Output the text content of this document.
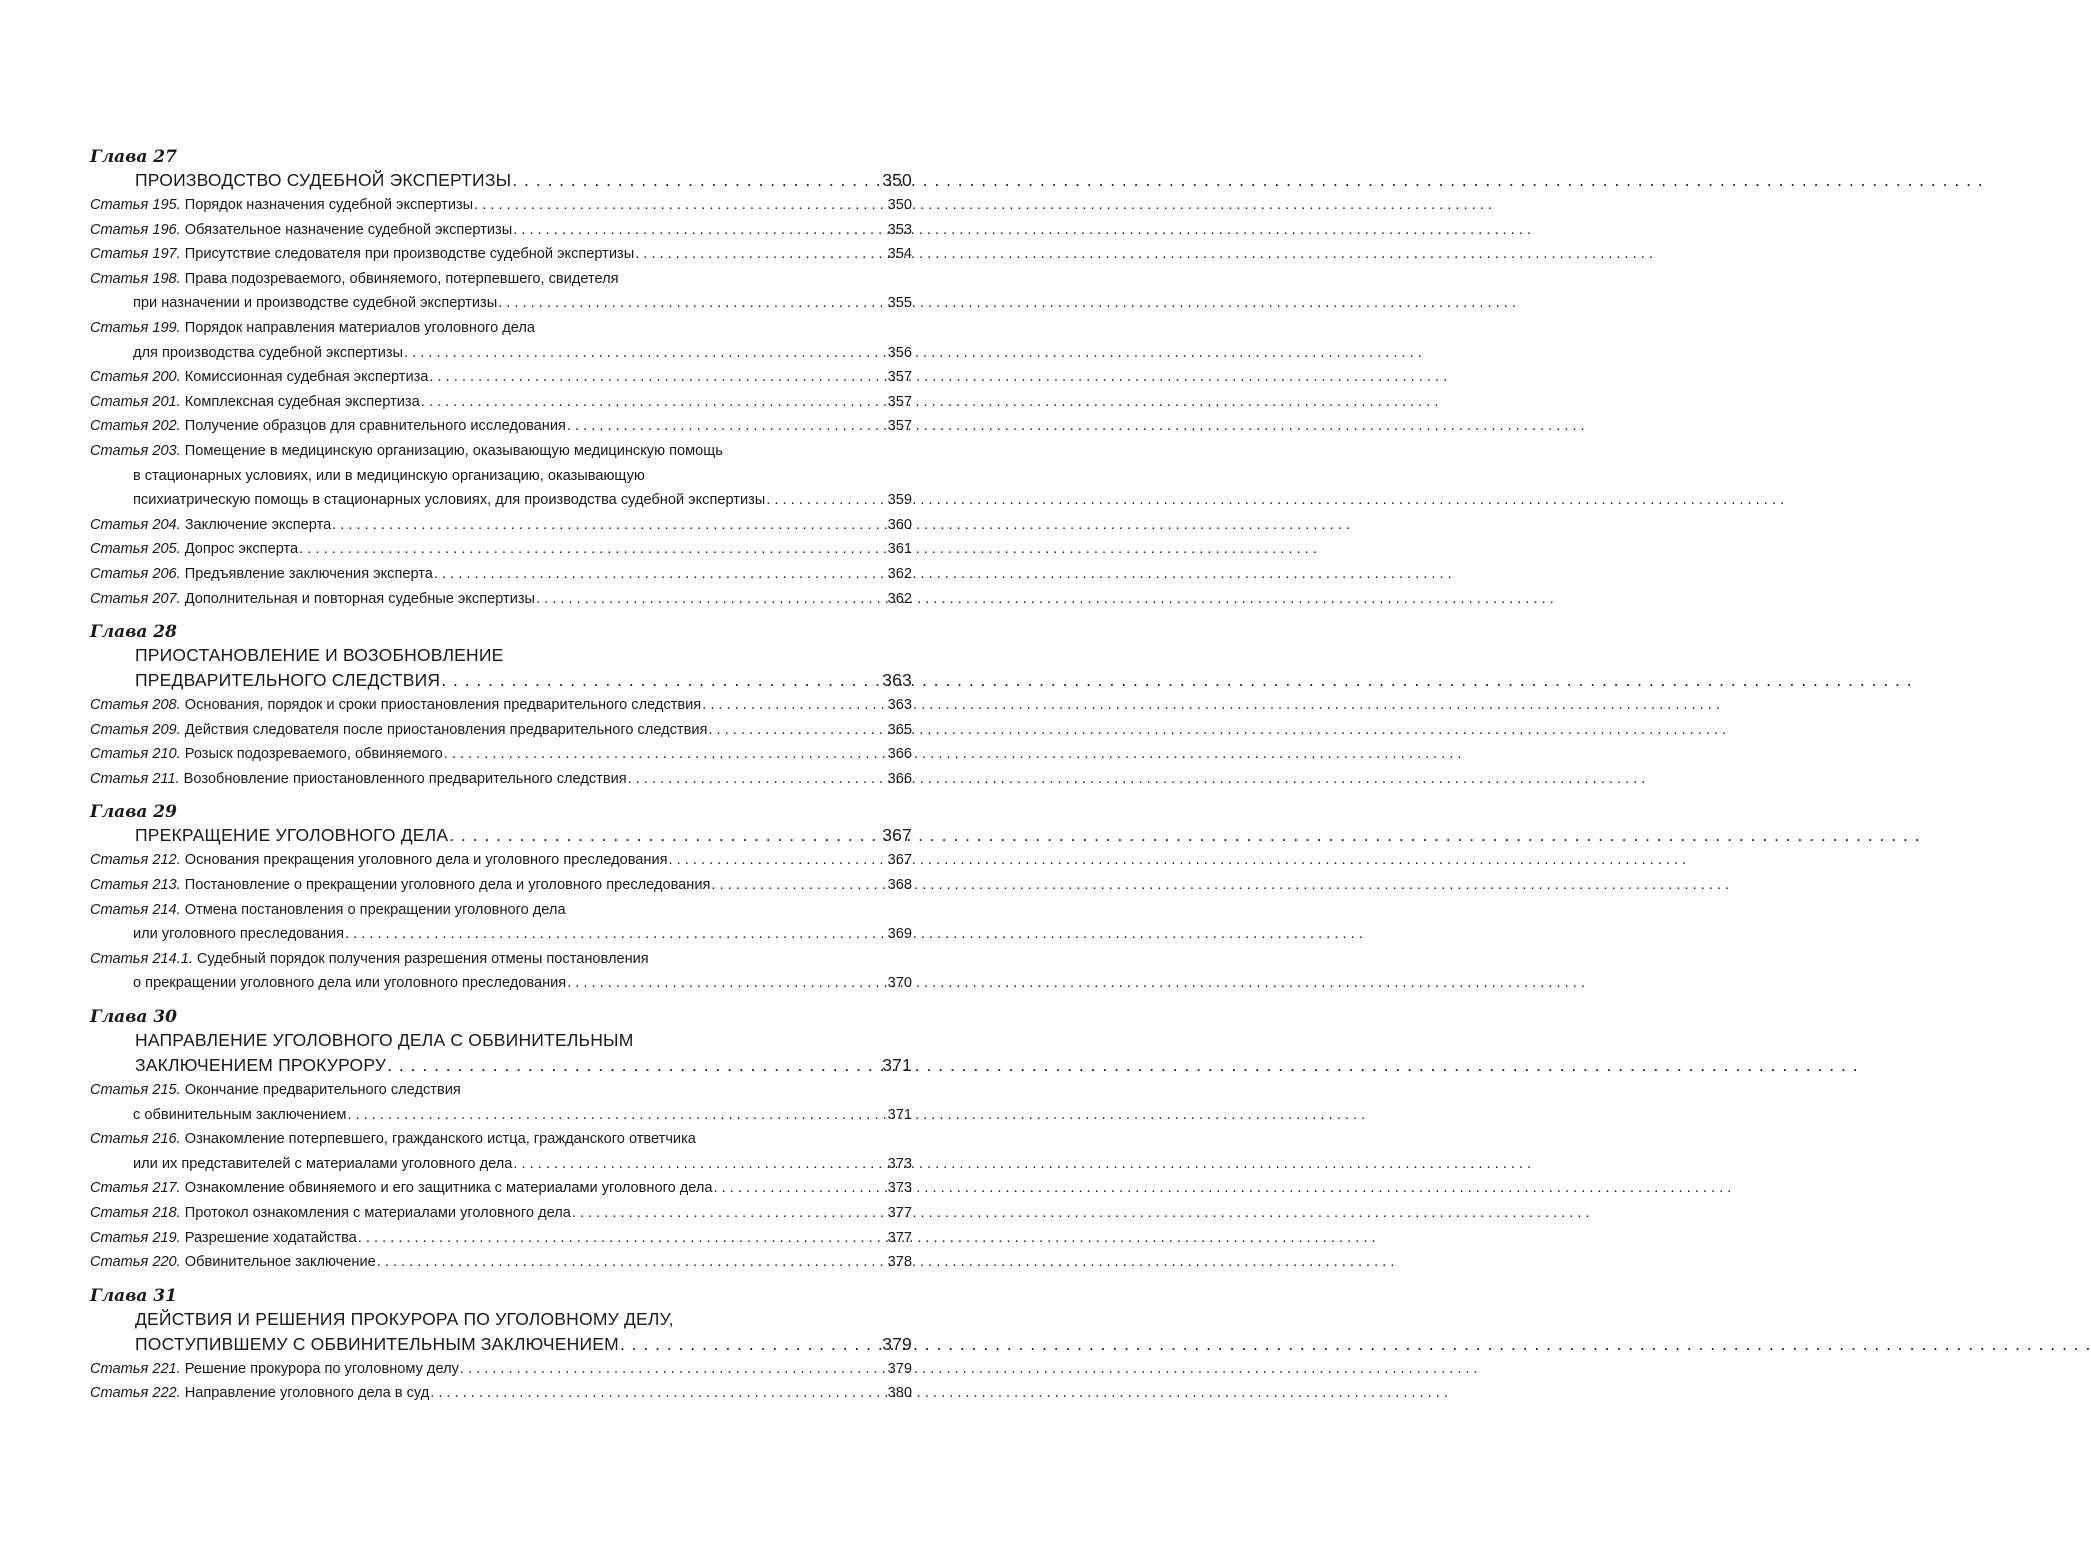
Глава 27
ПРОИЗВОДСТВО СУДЕБНОЙ ЭКСПЕРТИЗЫ . . .	350
Статья 195. Порядок назначения судебной экспертизы . . .	350
Статья 196. Обязательное назначение судебной экспертизы . . .	353
Статья 197. Присутствие следователя при производстве судебной экспертизы . . .	354
Статья 198. Права подозреваемого, обвиняемого, потерпевшего, свидетеля
при назначении и производстве судебной экспертизы . . .	355
Статья 199. Порядок направления материалов уголовного дела
для производства судебной экспертизы . . .	356
Статья 200. Комиссионная судебная экспертиза . . .	357
Статья 201. Комплексная судебная экспертиза . . .	357
Статья 202. Получение образцов для сравнительного исследования . . .	357
Статья 203. Помещение в медицинскую организацию, оказывающую медицинскую помощь
в стационарных условиях, или в медицинскую организацию, оказывающую
психиатрическую помощь в стационарных условиях, для производства судебной экспертизы . . .	359
Статья 204. Заключение эксперта . . .	360
Статья 205. Допрос эксперта . . .	361
Статья 206. Предъявление заключения эксперта . . .	362
Статья 207. Дополнительная и повторная судебные экспертизы . . .	362
Глава 28
ПРИОСТАНОВЛЕНИЕ И ВОЗОБНОВЛЕНИЕ
ПРЕДВАРИТЕЛЬНОГО СЛЕДСТВИЯ . . .	363
Статья 208. Основания, порядок и сроки приостановления предварительного следствия . . .	363
Статья 209. Действия следователя после приостановления предварительного следствия . . .	365
Статья 210. Розыск подозреваемого, обвиняемого . . .	366
Статья 211. Возобновление приостановленного предварительного следствия . . .	366
Глава 29
ПРЕКРАЩЕНИЕ УГОЛОВНОГО ДЕЛА . . .	367
Статья 212. Основания прекращения уголовного дела и уголовного преследования . . .	367
Статья 213. Постановление о прекращении уголовного дела и уголовного преследования . . .	368
Статья 214. Отмена постановления о прекращении уголовного дела
или уголовного преследования . . .	369
Статья 214.1. Судебный порядок получения разрешения отмены постановления
о прекращении уголовного дела или уголовного преследования . . .	370
Глава 30
НАПРАВЛЕНИЕ УГОЛОВНОГО ДЕЛА С ОБВИНИТЕЛЬНЫМ
ЗАКЛЮЧЕНИЕМ ПРОКУРОРУ . . .	371
Статья 215. Окончание предварительного следствия
с обвинительным заключением . . .	371
Статья 216. Ознакомление потерпевшего, гражданского истца, гражданского ответчика
или их представителей с материалами уголовного дела . . .	373
Статья 217. Ознакомление обвиняемого и его защитника с материалами уголовного дела . . .	373
Статья 218. Протокол ознакомления с материалами уголовного дела . . .	377
Статья 219. Разрешение ходатайства . . .	377
Статья 220. Обвинительное заключение . . .	378
Глава 31
ДЕЙСТВИЯ И РЕШЕНИЯ ПРОКУРОРА ПО УГОЛОВНОМУ ДЕЛУ,
ПОСТУПИВШЕМУ С ОБВИНИТЕЛЬНЫМ ЗАКЛЮЧЕНИЕМ . . .	379
Статья 221. Решение прокурора по уголовному делу . . .	379
Статья 222. Направление уголовного дела в суд . . .	380
